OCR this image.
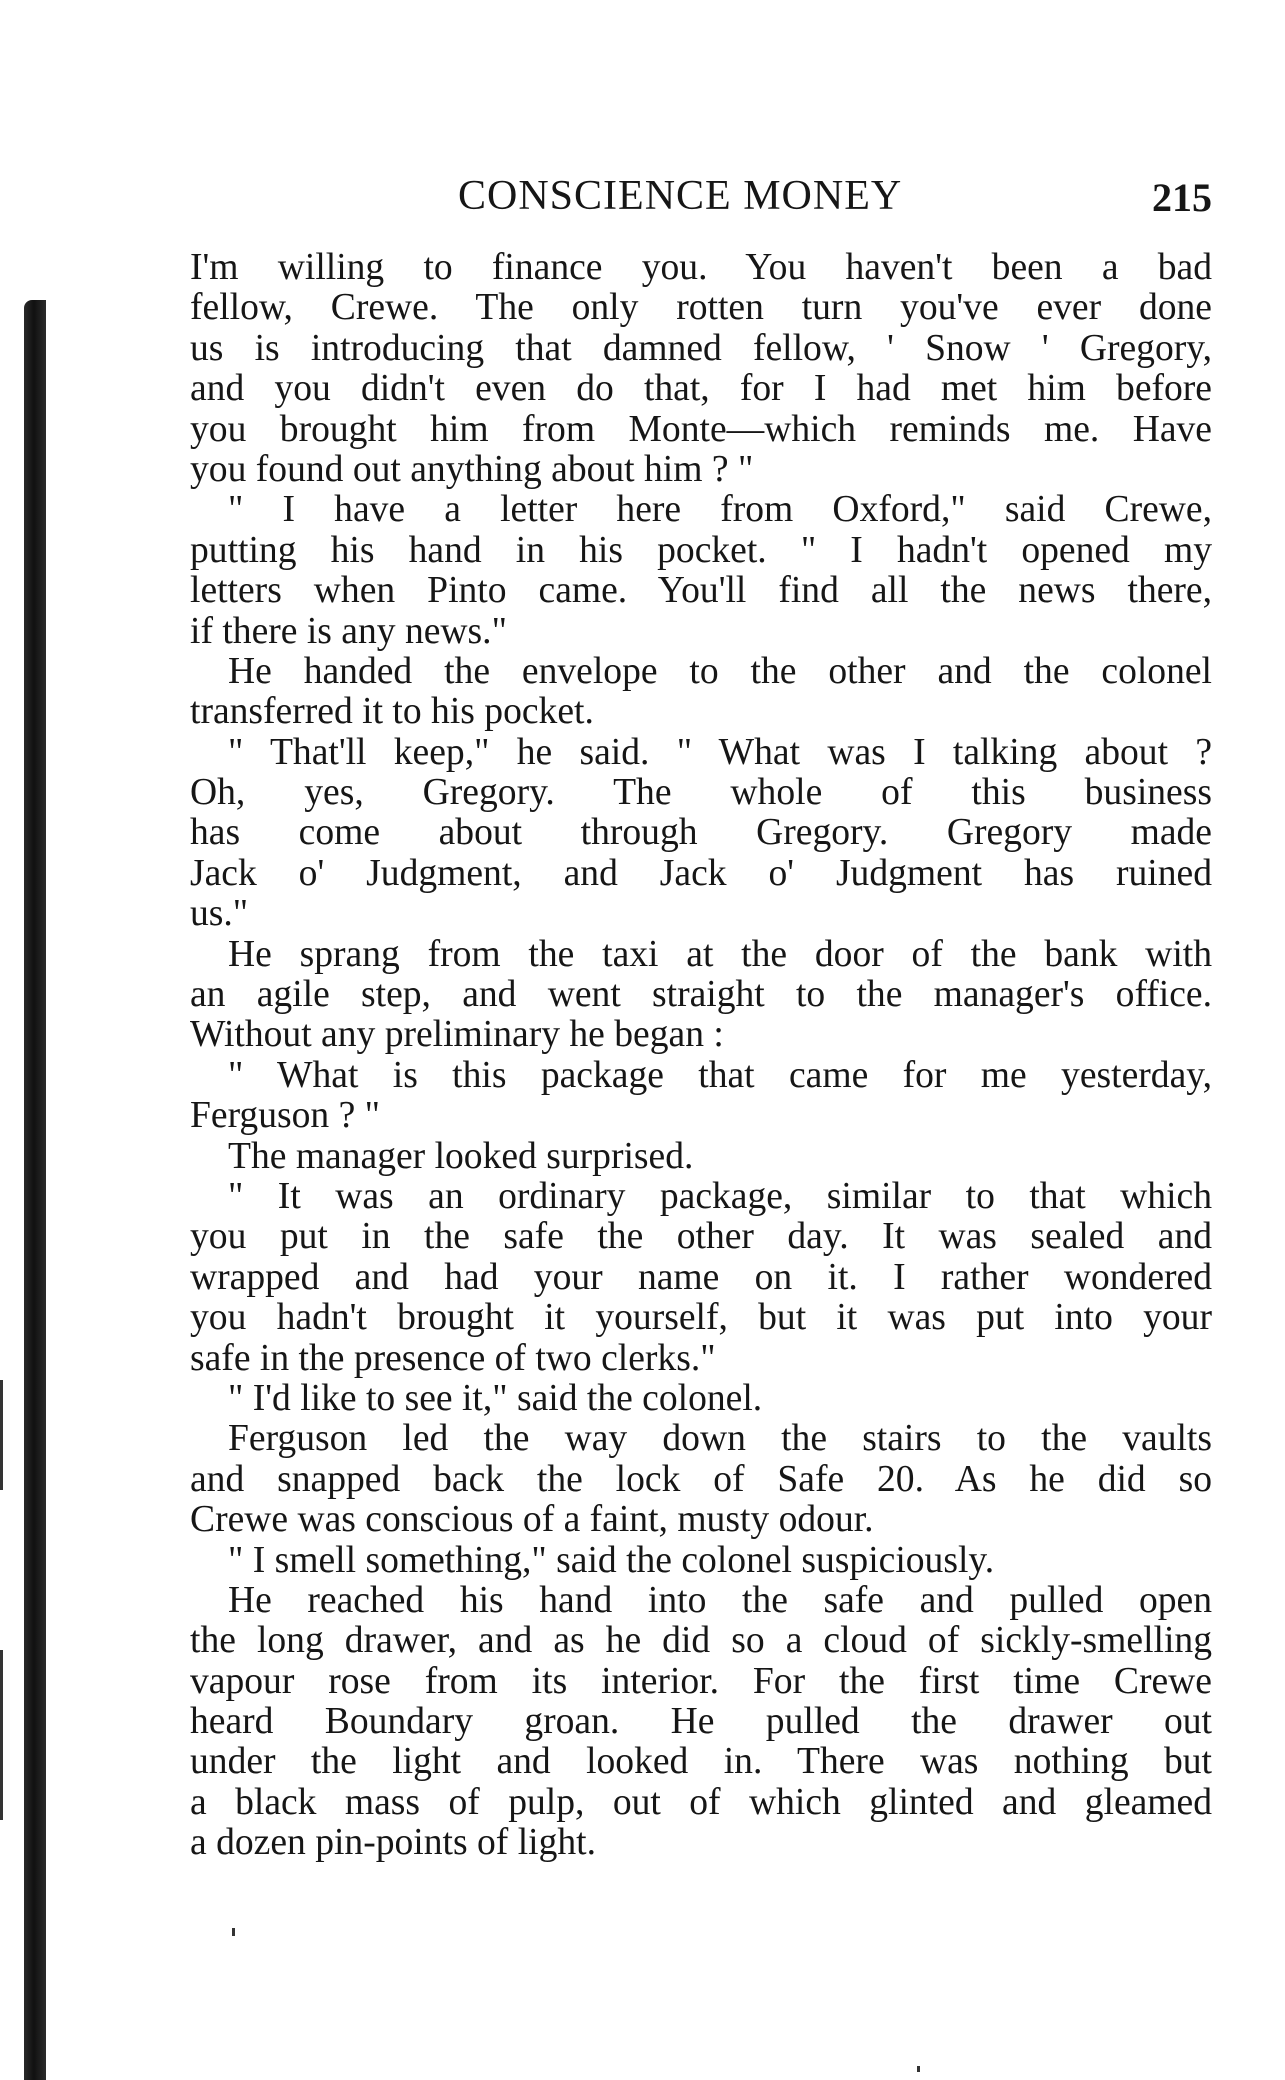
CONSCIENCE MONEY	215
I'm willing to finance you. You haven't been a bad
fellow, Crewe. The only rotten turn you've ever done
us is introducing that damned fellow, ' Snow ' Gregory,
and you didn't even do that, for I had met him before
you brought him from Monte—which reminds me. Have
you found out anything about him ? "
" I have a letter here from Oxford," said Crewe,
putting his hand in his pocket. " I hadn't opened my
letters when Pinto came. You'll find all the news there,
if there is any news."
He handed the envelope to the other and the colonel
transferred it to his pocket.
" That'll keep," he said. " What was I talking about ?
Oh, yes, Gregory. The whole of this business
has come about through Gregory. Gregory made
Jack o' Judgment, and Jack o' Judgment has ruined
us."
He sprang from the taxi at the door of the bank with
an agile step, and went straight to the manager's office.
Without any preliminary he began :
" What is this package that came for me yesterday,
Ferguson ? "
The manager looked surprised.
" It was an ordinary package, similar to that which
you put in the safe the other day. It was sealed and
wrapped and had your name on it. I rather wondered
you hadn't brought it yourself, but it was put into your
safe in the presence of two clerks."
" I'd like to see it," said the colonel.
Ferguson led the way down the stairs to the vaults
and snapped back the lock of Safe 20. As he did so
Crewe was conscious of a faint, musty odour.
" I smell something," said the colonel suspiciously.
He reached his hand into the safe and pulled open
the long drawer, and as he did so a cloud of sickly-smelling
vapour rose from its interior. For the first time Crewe
heard Boundary groan. He pulled the drawer out
under the light and looked in. There was nothing but
a black mass of pulp, out of which glinted and gleamed
a dozen pin-points of light.
